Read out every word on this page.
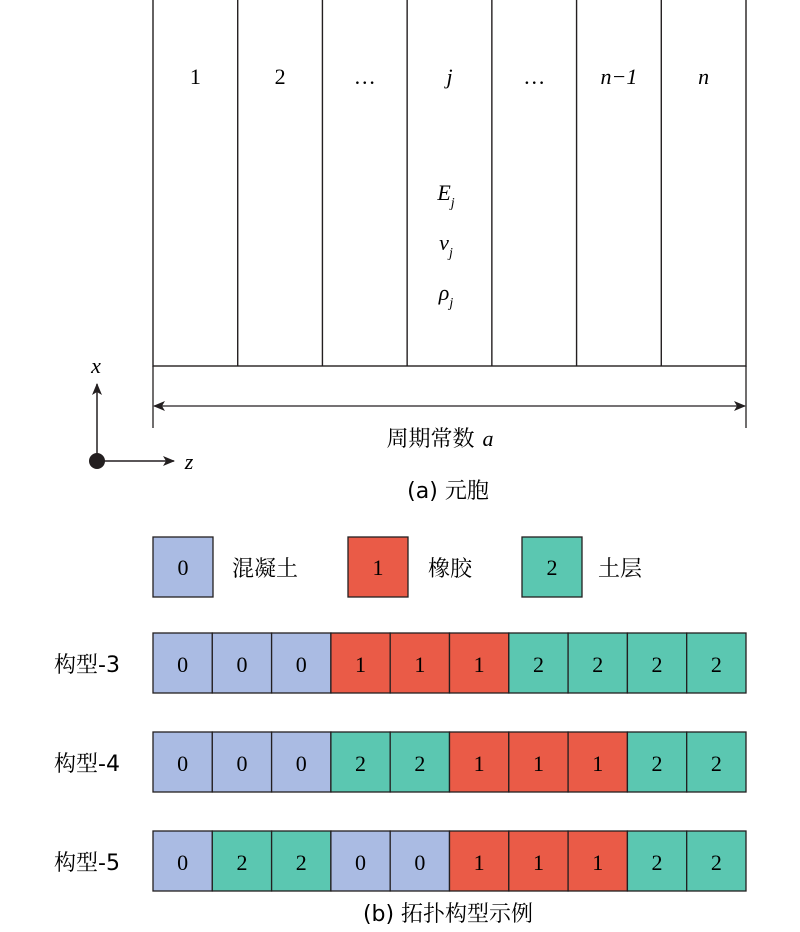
1	2	…	j	…	n−1	n
$E_j$
$\nu_j$
$\rho_j$
周期常数 a
x
z
(a) 元胞
0 混凝土	1 橡胶	2 土层
构型-3	0 0 0 1 1 1 2 2 2 2
构型-4	0 0 0 2 2 1 1 1 2 2
构型-5	0 2 2 0 0 1 1 1 2 2
(b) 拓扑构型示例
